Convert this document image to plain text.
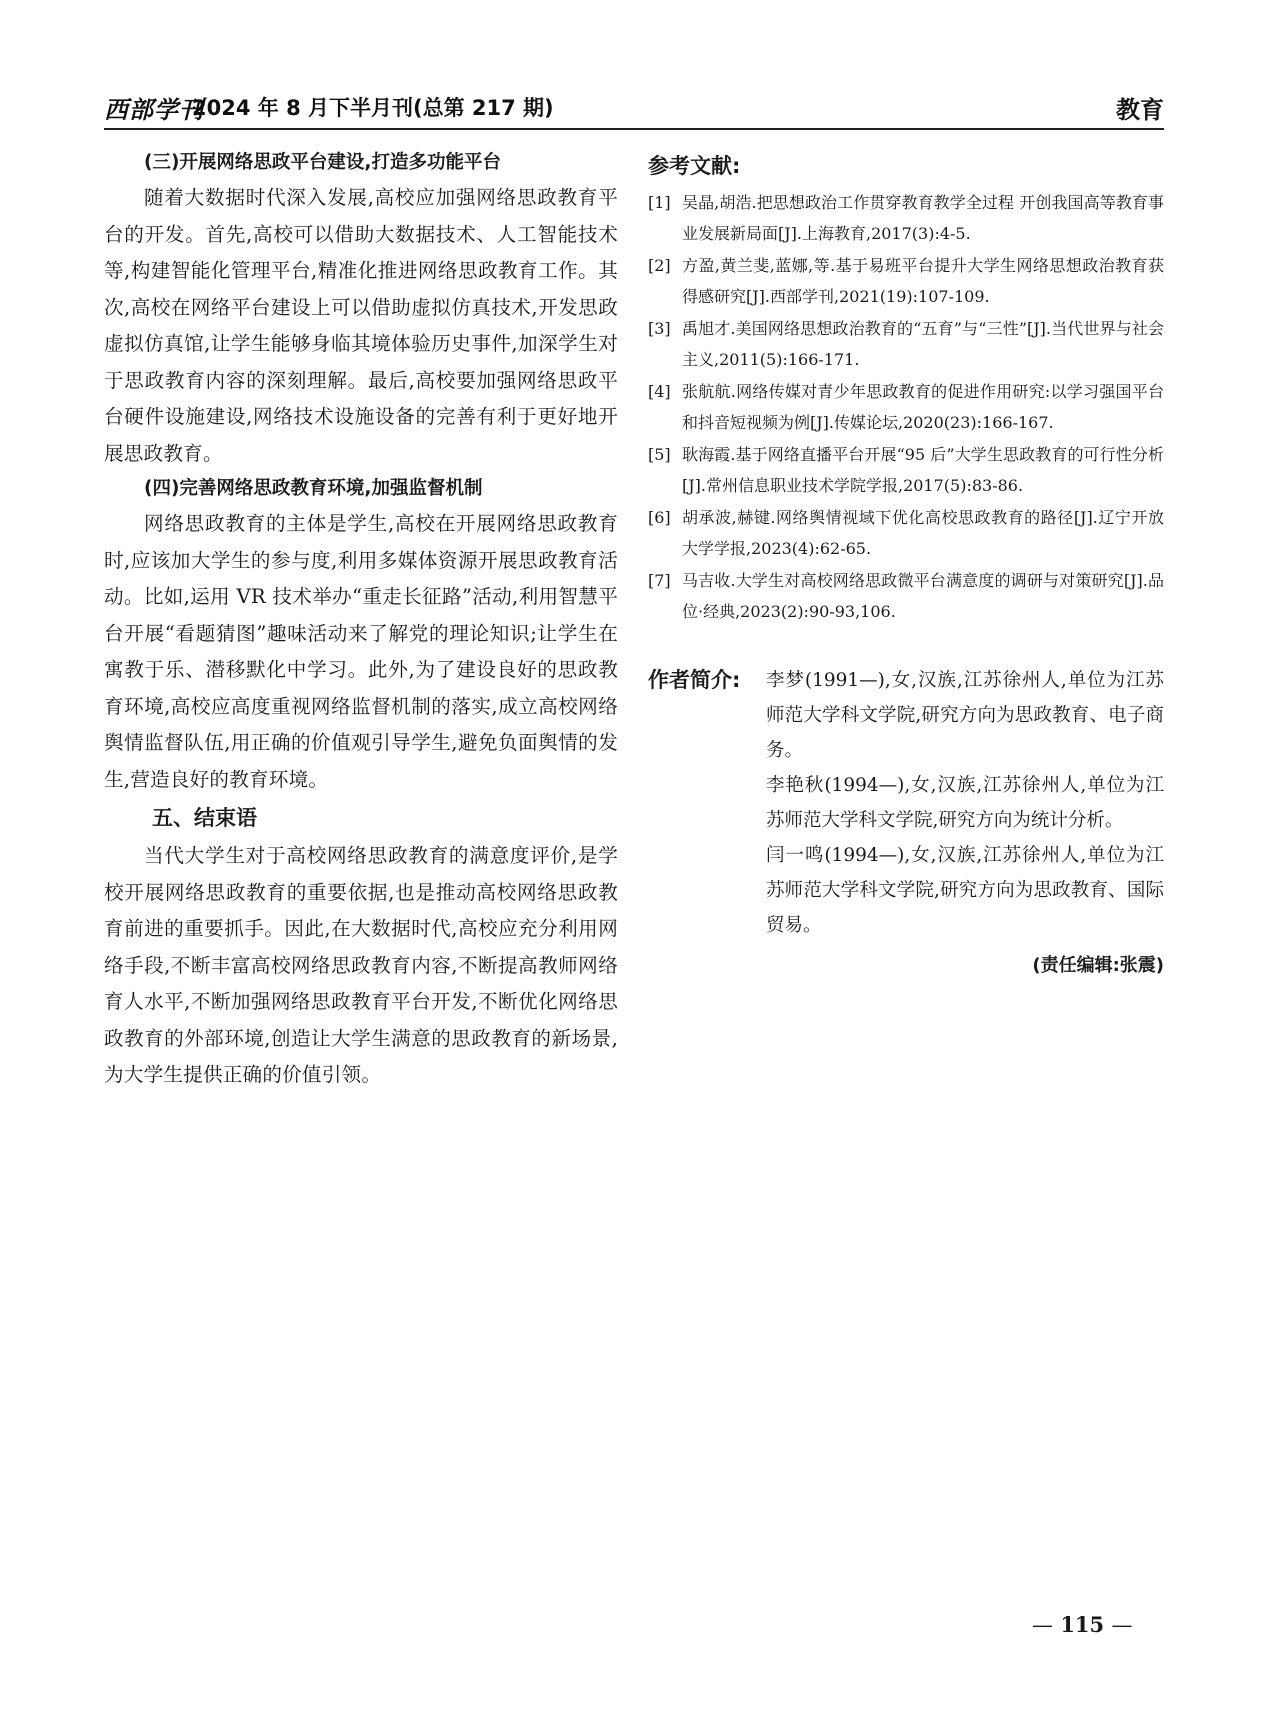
西部学刊
2024 年 8 月下半月刊(总第 217 期)	教育
(三)开展网络思政平台建设,打造多功能平台

随着大数据时代深入发展,高校应加强网络思政教育平台的开发。首先,高校可以借助大数据技术、人工智能技术等,构建智能化管理平台,精准化推进网络思政教育工作。其次,高校在网络平台建设上可以借助虚拟仿真技术,开发思政虚拟仿真馆,让学生能够身临其境体验历史事件,加深学生对于思政教育内容的深刻理解。最后,高校要加强网络思政平台硬件设施建设,网络技术设施设备的完善有利于更好地开展思政教育。

(四)完善网络思政教育环境,加强监督机制

网络思政教育的主体是学生,高校在开展网络思政教育时,应该加大学生的参与度,利用多媒体资源开展思政教育活动。比如,运用 VR 技术举办“重走长征路”活动,利用智慧平台开展“看题猜图”趣味活动来了解党的理论知识;让学生在寓教于乐、潜移默化中学习。此外,为了建设良好的思政教育环境,高校应高度重视网络监督机制的落实,成立高校网络舆情监督队伍,用正确的价值观引导学生,避免负面舆情的发生,营造良好的教育环境。

五、结束语

当代大学生对于高校网络思政教育的满意度评价,是学校开展网络思政教育的重要依据,也是推动高校网络思政教育前进的重要抓手。因此,在大数据时代,高校应充分利用网络手段,不断丰富高校网络思政教育内容,不断提高教师网络育人水平,不断加强网络思政教育平台开发,不断优化网络思政教育的外部环境,创造让大学生满意的思政教育的新场景,为大学生提供正确的价值引领。

参考文献:
[1] 吴晶,胡浩.把思想政治工作贯穿教育教学全过程 开创我国高等教育事业发展新局面[J].上海教育,2017(3):4-5.
[2] 方盈,黄兰斐,蓝娜,等.基于易班平台提升大学生网络思想政治教育获得感研究[J].西部学刊,2021(19):107-109.
[3] 禹旭才.美国网络思想政治教育的“五育”与“三性”[J].当代世界与社会主义,2011(5):166-171.
[4] 张航航.网络传媒对青少年思政教育的促进作用研究:以学习强国平台和抖音短视频为例[J].传媒论坛,2020(23):166-167.
[5] 耿海霞.基于网络直播平台开展“95 后”大学生思政教育的可行性分析[J].常州信息职业技术学院学报,2017(5):83-86.
[6] 胡承波,赫键.网络舆情视域下优化高校思政教育的路径[J].辽宁开放大学学报,2023(4):62-65.
[7] 马吉收.大学生对高校网络思政微平台满意度的调研与对策研究[J].品位·经典,2023(2):90-93,106.
作者简介: 李梦(1991—),女,汉族,江苏徐州人,单位为江苏师范大学科文学院,研究方向为思政教育、电子商务。

李艳秋(1994—),女,汉族,江苏徐州人,单位为江苏师范大学科文学院,研究方向为统计分析。

闫一鸣(1994—),女,汉族,江苏徐州人,单位为江苏师范大学科文学院,研究方向为思政教育、国际贸易。

(责任编辑:张震)
— 115 —
